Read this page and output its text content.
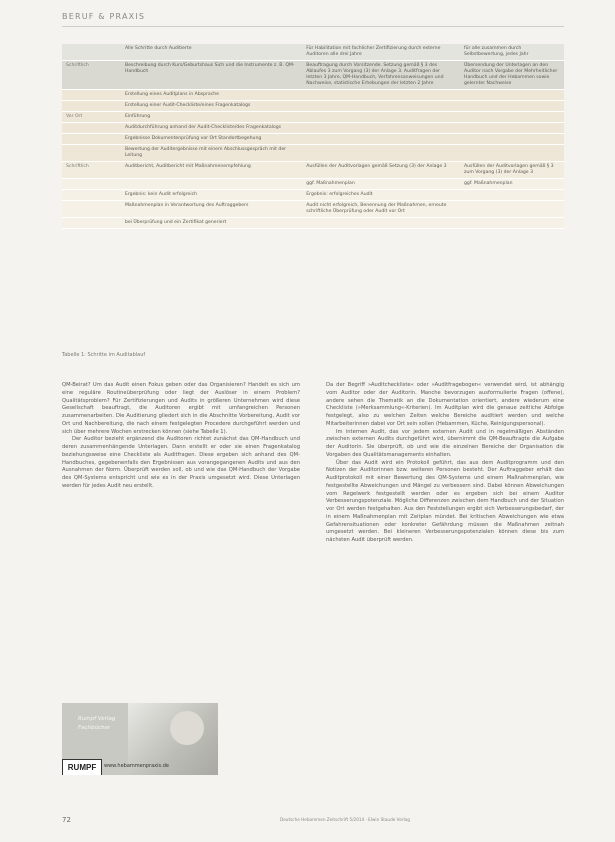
BERUF & PRAXIS
	Alle Schritte durch Auditierte	Für Habilitation mit fachlicher Zertifizierung durch externe Auditoren alle drei Jahre	für alle zusammen durch Selbstbewertung, jedes Jahr
Schriftlich	Beschreibung durch Kurs/Geburtshaus Sich und die Instrumente z. B. QM-Handbuch	Beauftragung durch Vorsitzende. Setzung gemäß § 3 des Ablaufes 3 zum Vorgang (3) der Anlage 3. Auditfragen der letzten 3 Jahre, QM-Handbuch, Verfahrensanweisungen und Nachweise, statistische Erhebungen der letzten 2 Jahre	Übersendung der Unterlagen an den Auditor nach Vorgabe der Mehrheitlicher Handbuch und der Hebammen sowie gelernter Nachweise
	Erstellung eines Auditplans in Absprache		
	Erstellung einer Audit-Checkliste/eines Fragenkatalogs		
Vor Ort	Einführung		
	Auditdurchführung anhand der Audit-Checkliste/des Fragenkatalogs		
	Ergebnisse Dokumentenprüfung vor Ort Standortbegehung		
	Bewertung der Auditergebnisse mit einem Abschlussgespräch mit der Leitung		
Schriftlich	Auditbericht, Auditbericht mit Maßnahmenempfehlung	Ausfüllen der Auditvorlagen gemäß Setzung (3) der Anlage 3	Ausfüllen der Auditvorlagen gemäß § 3 zum Vorgang (3) der Anlage 3
		ggf. Maßnahmenplan	ggf. Maßnahmenplan
	Ergebnis: kein Audit erfolgreich	Ergebnis: erfolgreiches Audit	
	Maßnahmenplan in Verantwortung des Auftraggebers	Audit nicht erfolgreich, Benennung der Maßnahmen, erneute schriftliche Überprüfung oder Audit vor Ort	
	bei Überprüfung und ein Zertifikat generiert		
Tabelle 1: Schritte im Auditablauf

QM-Beirat? Um das Audit einen Fokus geben oder das Organisieren? Handelt es sich um eine reguläre Routineüberprüfung oder liegt der Auslöser in einem Problem? Qualitätsproblem? Für Zertifizierungen und Audits in größeren Unternehmen wird diese Gesellschaft beauftragt, die Auditoren ergibt mit umfangreichen Personen zusammenarbeiten. Die Auditierung gliedert sich in die Abschnitte Vorbereitung, Audit vor Ort und Nachbereitung, die nach einem festgelegten Procedere durchgeführt werden und sich über mehrere Wochen erstrecken können (siehe Tabelle 1).

Der Auditor bezieht ergänzend die Auditoren richtet zunächst das QM-Handbuch und deren zusammenhängende Unterlagen. Dann erstellt er oder sie einen Fragenkatalog beziehungsweise eine Checkliste als Auditfragen. Diese ergeben sich anhand des QM-Handbuches, gegebenenfalls den Ergebnissen aus vorangegangenen Audits und aus den Ausnahmen der Norm. Überprüft werden soll, ob und wie das QM-Handbuch der Vorgabe des QM-Systems entspricht und wie es in der Praxis umgesetzt wird. Diese Unterlagen werden für jedes Audit neu erstellt.

Da der Begriff »Auditcheckliste« oder »Auditfragebogen« verwendet wird, ist abhängig vom Auditor oder der Auditorin. Manche bevorzugen ausformulierte Fragen (offene), andere sehen die Thematik an die Dokumentation orientiert, andere wiederum eine Checkliste (»Merksammlung«-Kriterien). Im Auditplan wird die genaue zeitliche Abfolge festgelegt, also zu welchen Zeiten welche Bereiche auditiert werden und welche Mitarbeiterinnen dabei vor Ort sein sollen (Hebammen, Küche, Reinigungspersonal).

Im internen Audit, das vor jedem externen Audit und in regelmäßigen Abständen zwischen externen Audits durchgeführt wird, übernimmt die QM-Beauftragte die Aufgabe der Auditorin. Sie überprüft, ob und wie die einzelnen Bereiche der Organisation die Vorgaben des Qualitätsmanagements einhalten.

Über das Audit wird ein Protokoll geführt, das aus dem Auditprogramm und den Notizen der Auditorinnen bzw. weiteren Personen besteht. Der Auftraggeber erhält das Auditprotokoll mit einer Bewertung des QM-Systems und einem Maßnahmenplan, wie festgestellte Abweichungen und Mängel zu verbessern sind. Dabei können Abweichungen vom Regelwerk festgestellt werden oder es ergeben sich bei einem Auditor Verbesserungspotenziale. Mögliche Differenzen zwischen dem Handbuch und der Situation vor Ort werden festgehalten. Aus den Feststellungen ergibt sich Verbesserungsbedarf, der in einem Maßnahmenplan mit Zeitplan mündet. Bei kritischen Abweichungen wie etwa Gefahrensituationen oder konkreter Gefährdung müssen die Maßnahmen zeitnah umgesetzt werden. Bei kleineren Verbesserungspotenzialen können diese bis zum nächsten Audit überprüft werden.

Rumpf Verlag
Fachbücher
RUMPF	www.hebammenpraxis.de
72	Deutsche Hebammen Zeitschrift 5/2014 · Elwin Staude Verlag
